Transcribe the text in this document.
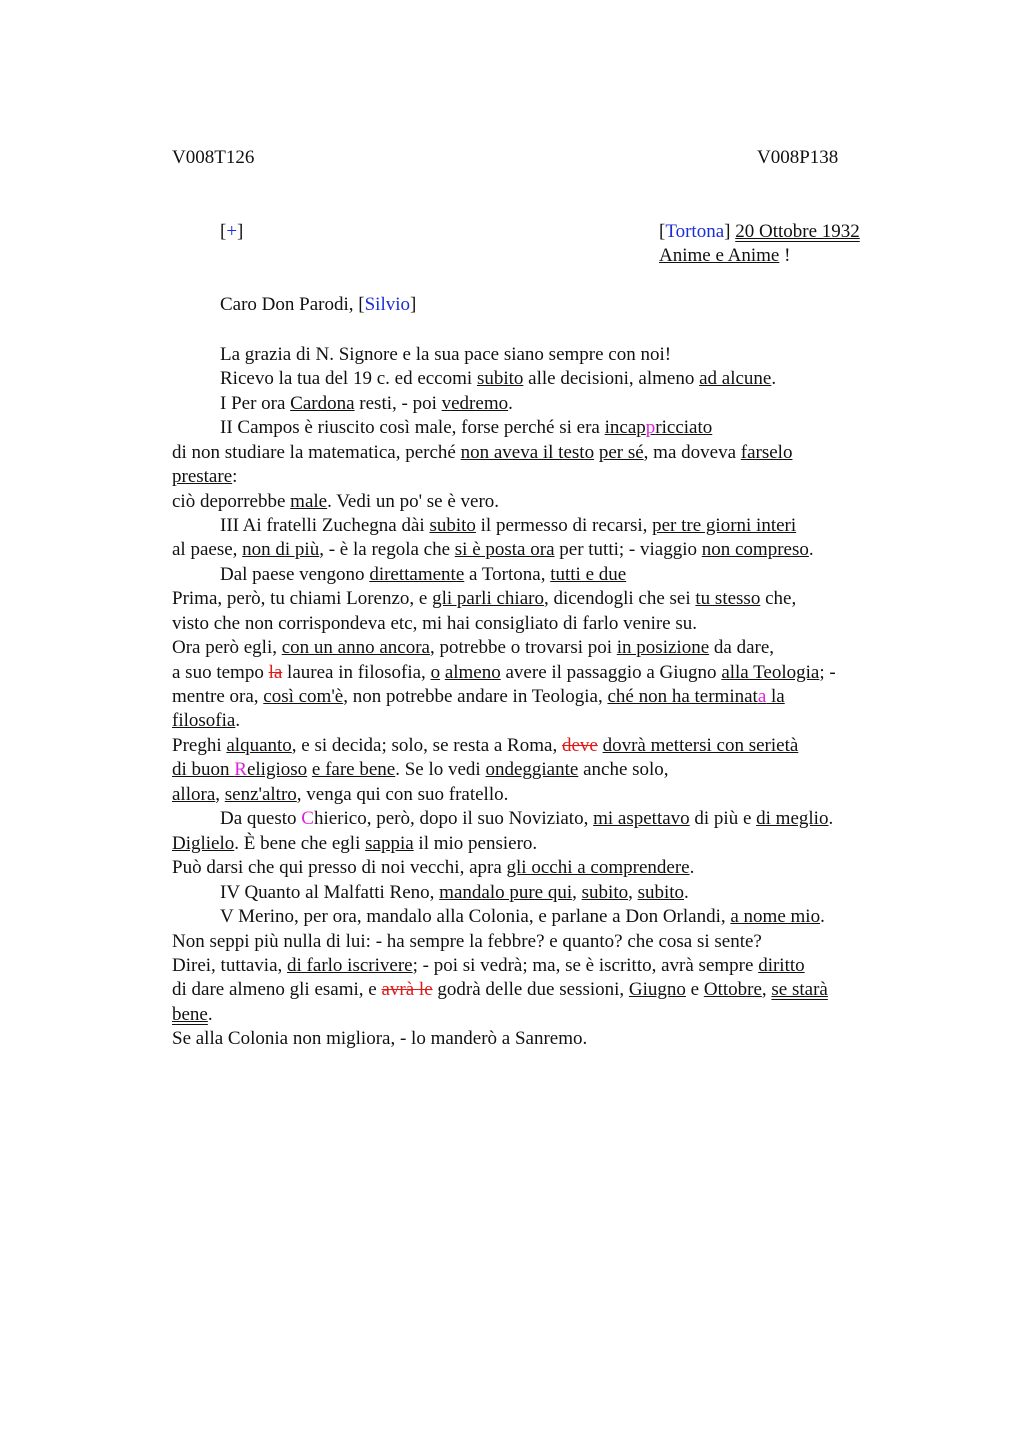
V008T126	V008P138
[+]	[Tortona] 20 Ottobre 1932
Anime e Anime !
Caro Don Parodi, [Silvio]
La grazia di N. Signore e la sua pace siano sempre con noi!
Ricevo la tua del 19 c. ed eccomi subito alle decisioni, almeno ad alcune.
I Per ora Cardona resti, - poi vedremo.
II Campos è riuscito così male, forse perché si era incappricciato
di non studiare la matematica, perché non aveva il testo per sé, ma doveva farselo
prestare:
ciò deporrebbe male. Vedi un po' se è vero.
III Ai fratelli Zuchegna dài subito il permesso di recarsi, per tre giorni interi
al paese, non di più, - è la regola che si è posta ora per tutti; - viaggio non compreso.
Dal paese vengono direttamente a Tortona, tutti e due
Prima, però, tu chiami Lorenzo, e gli parli chiaro, dicendogli che sei tu stesso che,
visto che non corrispondeva etc, mi hai consigliato di farlo venire su.
Ora però egli, con un anno ancora, potrebbe o trovarsi poi in posizione da dare,
a suo tempo la laurea in filosofia, o almeno avere il passaggio a Giugno alla Teologia; -
mentre ora, così com'è, non potrebbe andare in Teologia, ché non ha terminata la
filosofia.
Preghi alquanto, e si decida; solo, se resta a Roma, deve dovrà mettersi con serietà
di buon Religioso e fare bene. Se lo vedi ondeggiante anche solo,
allora, senz'altro, venga qui con suo fratello.
Da questo Chierico, però, dopo il suo Noviziato, mi aspettavo di più e di meglio.
Diglielo. È bene che egli sappia il mio pensiero.
Può darsi che qui presso di noi vecchi, apra gli occhi a comprendere.
IV Quanto al Malfatti Reno, mandalo pure qui, subito, subito.
V Merino, per ora, mandalo alla Colonia, e parlane a Don Orlandi, a nome mio.
Non seppi più nulla di lui: - ha sempre la febbre? e quanto? che cosa si sente?
Direi, tuttavia, di farlo iscrivere; - poi si vedrà; ma, se è iscritto, avrà sempre diritto
di dare almeno gli esami, e avrà le godrà delle due sessioni, Giugno e Ottobre, se starà
bene.
Se alla Colonia non migliora, - lo manderò a Sanremo.
